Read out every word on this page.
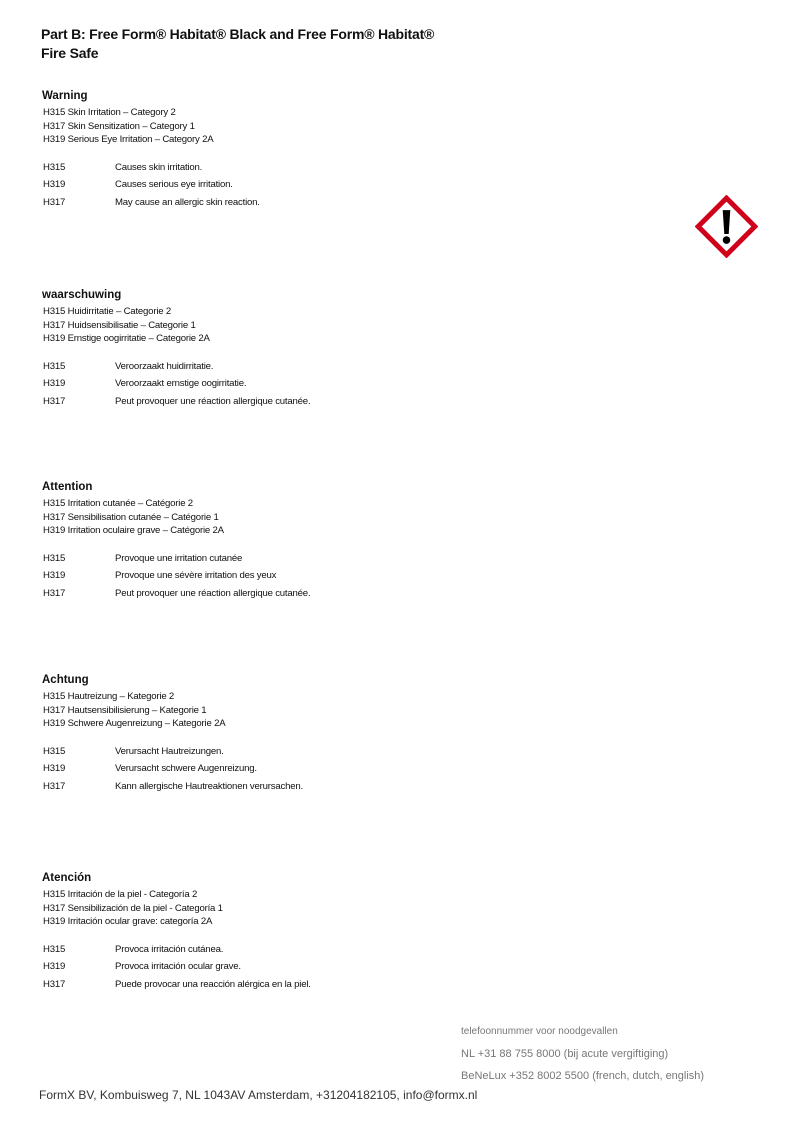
Part B: Free Form® Habitat® Black and Free Form® Habitat®
Fire Safe
Warning
H315 Skin Irritation – Category 2
H317 Skin Sensitization – Category 1
H319 Serious Eye Irritation – Category 2A
H315	Causes skin irritation.
H319	Causes serious eye irritation.
H317	May cause an allergic skin reaction.
waarschuwing
H315 Huidirritatie – Categorie 2
H317 Huidsensibilisatie – Categorie 1
H319 Ernstige oogirritatie – Categorie 2A
H315	Veroorzaakt huidirritatie.
H319	Veroorzaakt ernstige oogirritatie.
H317	Peut provoquer une réaction allergique cutanée.
Attention
H315 Irritation cutanée – Catégorie 2
H317 Sensibilisation cutanée – Catégorie 1
H319 Irritation oculaire grave – Catégorie 2A
H315	Provoque une irritation cutanée
H319	Provoque une sévère irritation des yeux
H317	Peut provoquer une réaction allergique cutanée.
Achtung
H315 Hautreizung – Kategorie 2
H317 Hautsensibilisierung – Kategorie 1
H319 Schwere Augenreizung – Kategorie 2A
H315	Verursacht Hautreizungen.
H319	Verursacht schwere Augenreizung.
H317	Kann allergische Hautreaktionen verursachen.
Atención
H315 Irritación de la piel - Categoría 2
H317 Sensibilización de la piel - Categoría 1
H319 Irritación ocular grave: categoría 2A
H315	Provoca irritación cutánea.
H319	Provoca irritación ocular grave.
H317	Puede provocar una reacción alérgica en la piel.
telefoonnummer voor noodgevallen
NL +31 88 755 8000 (bij acute vergiftiging)
BeNeLux +352 8002 5500 (french, dutch, english)
FormX BV, Kombuisweg 7, NL 1043AV Amsterdam, +31204182105, info@formx.nl
